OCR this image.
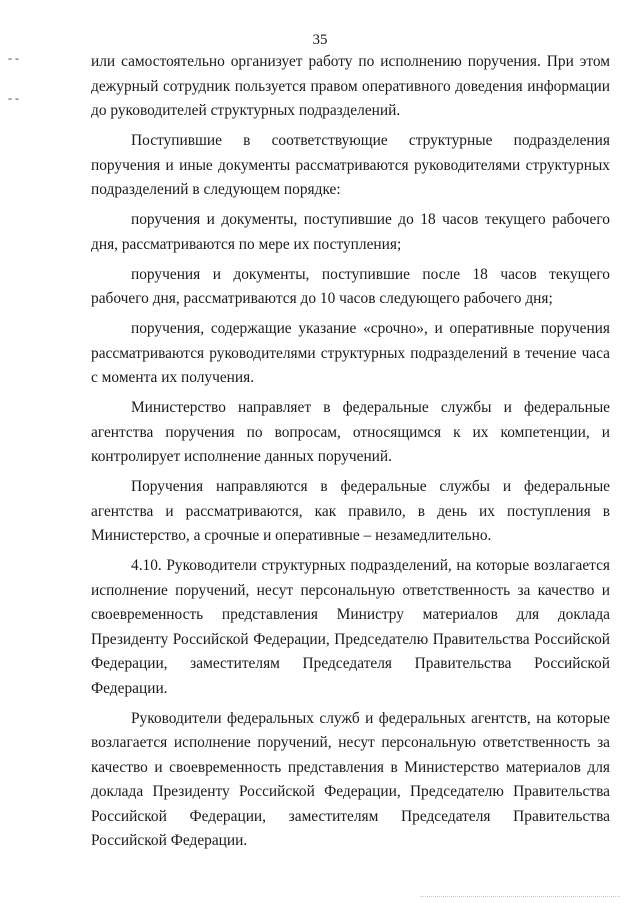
- -
- -
35

или самостоятельно организует работу по исполнению поручения. При этом дежурный сотрудник пользуется правом оперативного доведения информации до руководителей структурных подразделений.

Поступившие в соответствующие структурные подразделения поручения и иные документы рассматриваются руководителями структурных подразделений в следующем порядке:

поручения и документы, поступившие до 18 часов текущего рабочего дня, рассматриваются по мере их поступления;

поручения и документы, поступившие после 18 часов текущего рабочего дня, рассматриваются до 10 часов следующего рабочего дня;

поручения, содержащие указание «срочно», и оперативные поручения рассматриваются руководителями структурных подразделений в течение часа с момента их получения.

Министерство направляет в федеральные службы и федеральные агентства поручения по вопросам, относящимся к их компетенции, и контролирует исполнение данных поручений.

Поручения направляются в федеральные службы и федеральные агентства и рассматриваются, как правило, в день их поступления в Министерство, а срочные и оперативные – незамедлительно.

4.10. Руководители структурных подразделений, на которые возлагается исполнение поручений, несут персональную ответственность за качество и своевременность представления Министру материалов для доклада Президенту Российской Федерации, Председателю Правительства Российской Федерации, заместителям Председателя Правительства Российской Федерации.

Руководители федеральных служб и федеральных агентств, на которые возлагается исполнение поручений, несут персональную ответственность за качество и своевременность представления в Министерство материалов для доклада Президенту Российской Федерации, Председателю Правительства Российской Федерации, заместителям Председателя Правительства Российской Федерации.
